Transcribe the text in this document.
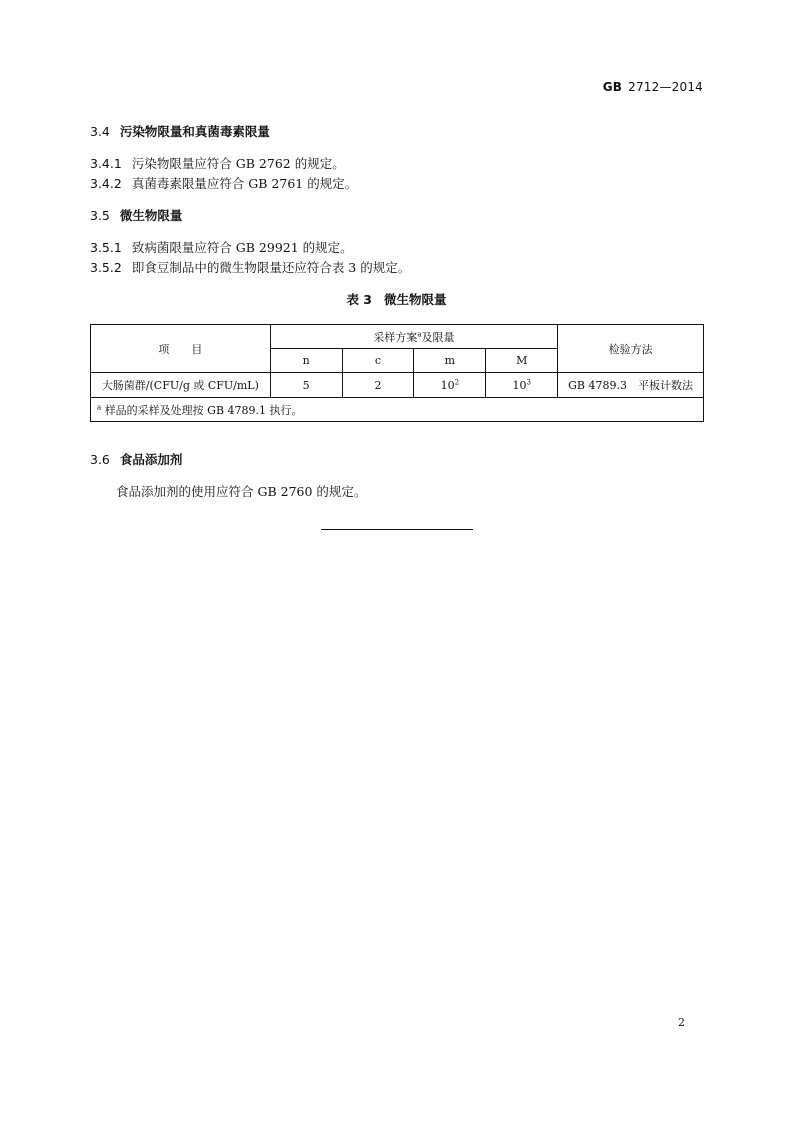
GB 2712—2014
3.4 污染物限量和真菌毒素限量
3.4.1 污染物限量应符合 GB 2762 的规定。
3.4.2 真菌毒素限量应符合 GB 2761 的规定。
3.5 微生物限量
3.5.1 致病菌限量应符合 GB 29921 的规定。
3.5.2 即食豆制品中的微生物限量还应符合表 3 的规定。
表 3 微生物限量
项　　目	采样方案$^a$及限量				检验方法
	n	c	m	M	
大肠菌群/(CFU/g 或 CFU/mL)	5	2	$10^2$	$10^3$	GB 4789.3　平板计数法
$^a$ 样品的采样及处理按 GB 4789.1 执行。					
3.6 食品添加剂
食品添加剂的使用应符合 GB 2760 的规定。
2
